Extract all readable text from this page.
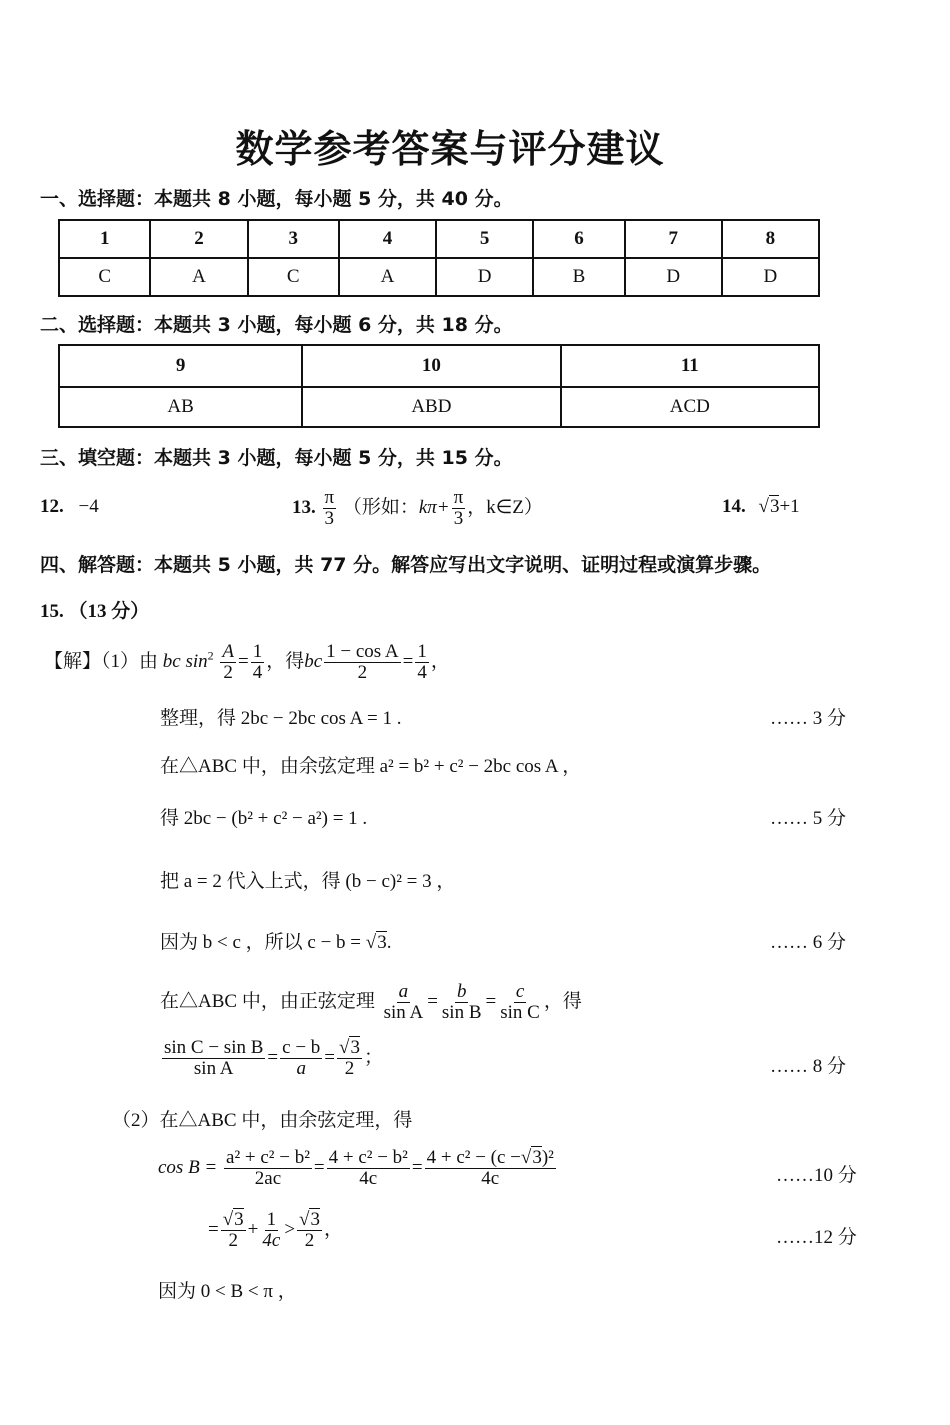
数学参考答案与评分建议
一、选择题：本题共 8 小题，每小题 5 分，共 40 分。
1	2	3	4	5	6	7	8
C	A	C	A	D	B	D	D
二、选择题：本题共 3 小题，每小题 6 分，共 18 分。
9	10	11
AB	ABD	ACD
三、填空题：本题共 3 小题，每小题 5 分，共 15 分。
12. −4	13. $\frac{\pi}{3}$ （形如：$k\pi+ \frac{\pi}{3}$ ，k∈Z）	14. √3+1
四、解答题：本题共 5 小题，共 77 分。解答应写出文字说明、证明过程或演算步骤。
15. （13 分）
【解】（1）由 bc $\sin^2 \frac{A}{2} = \frac{1}{4}$ ，得bc $\frac{\text{1 − cos A}}{2} = \frac{1}{4}$ ，
整理，得 2bc − 2bc cos A = 1 .	…… 3 分
在△ABC 中，由余弦定理 a² = b² + c² − 2bc cos A ，
得 2bc − (b² + c² − a²) = 1 .	…… 5 分
把 a = 2 代入上式，得 (b − c)² = 3 ，
因为 b < c ，所以 c − b = √3.	…… 6 分
在△ABC 中，由正弦定理 $\frac{a}{\text{sin A}} = \frac{b}{\text{sin B}} = \frac{c}{\text{sin C}}$ ，得
$\frac{\text{sin C − sin B}}{\text{sin A}} = \frac{c - b}{a} = \frac{√3}{2}$ ；	…… 8 分
（2）在△ABC 中，由余弦定理，得
$\cos B = \frac{\text{a² + c² − b²}}{2ac} = \frac{\text{4 + c² − b²}}{4c} = \frac{\text{4 + c² − (c −√3)²}}{4c}$	……10 分
= $\frac{√3}{2} + \frac{1}{4c} > \frac{√3}{2}$ ，	……12 分
因为 0 < B < π ，
